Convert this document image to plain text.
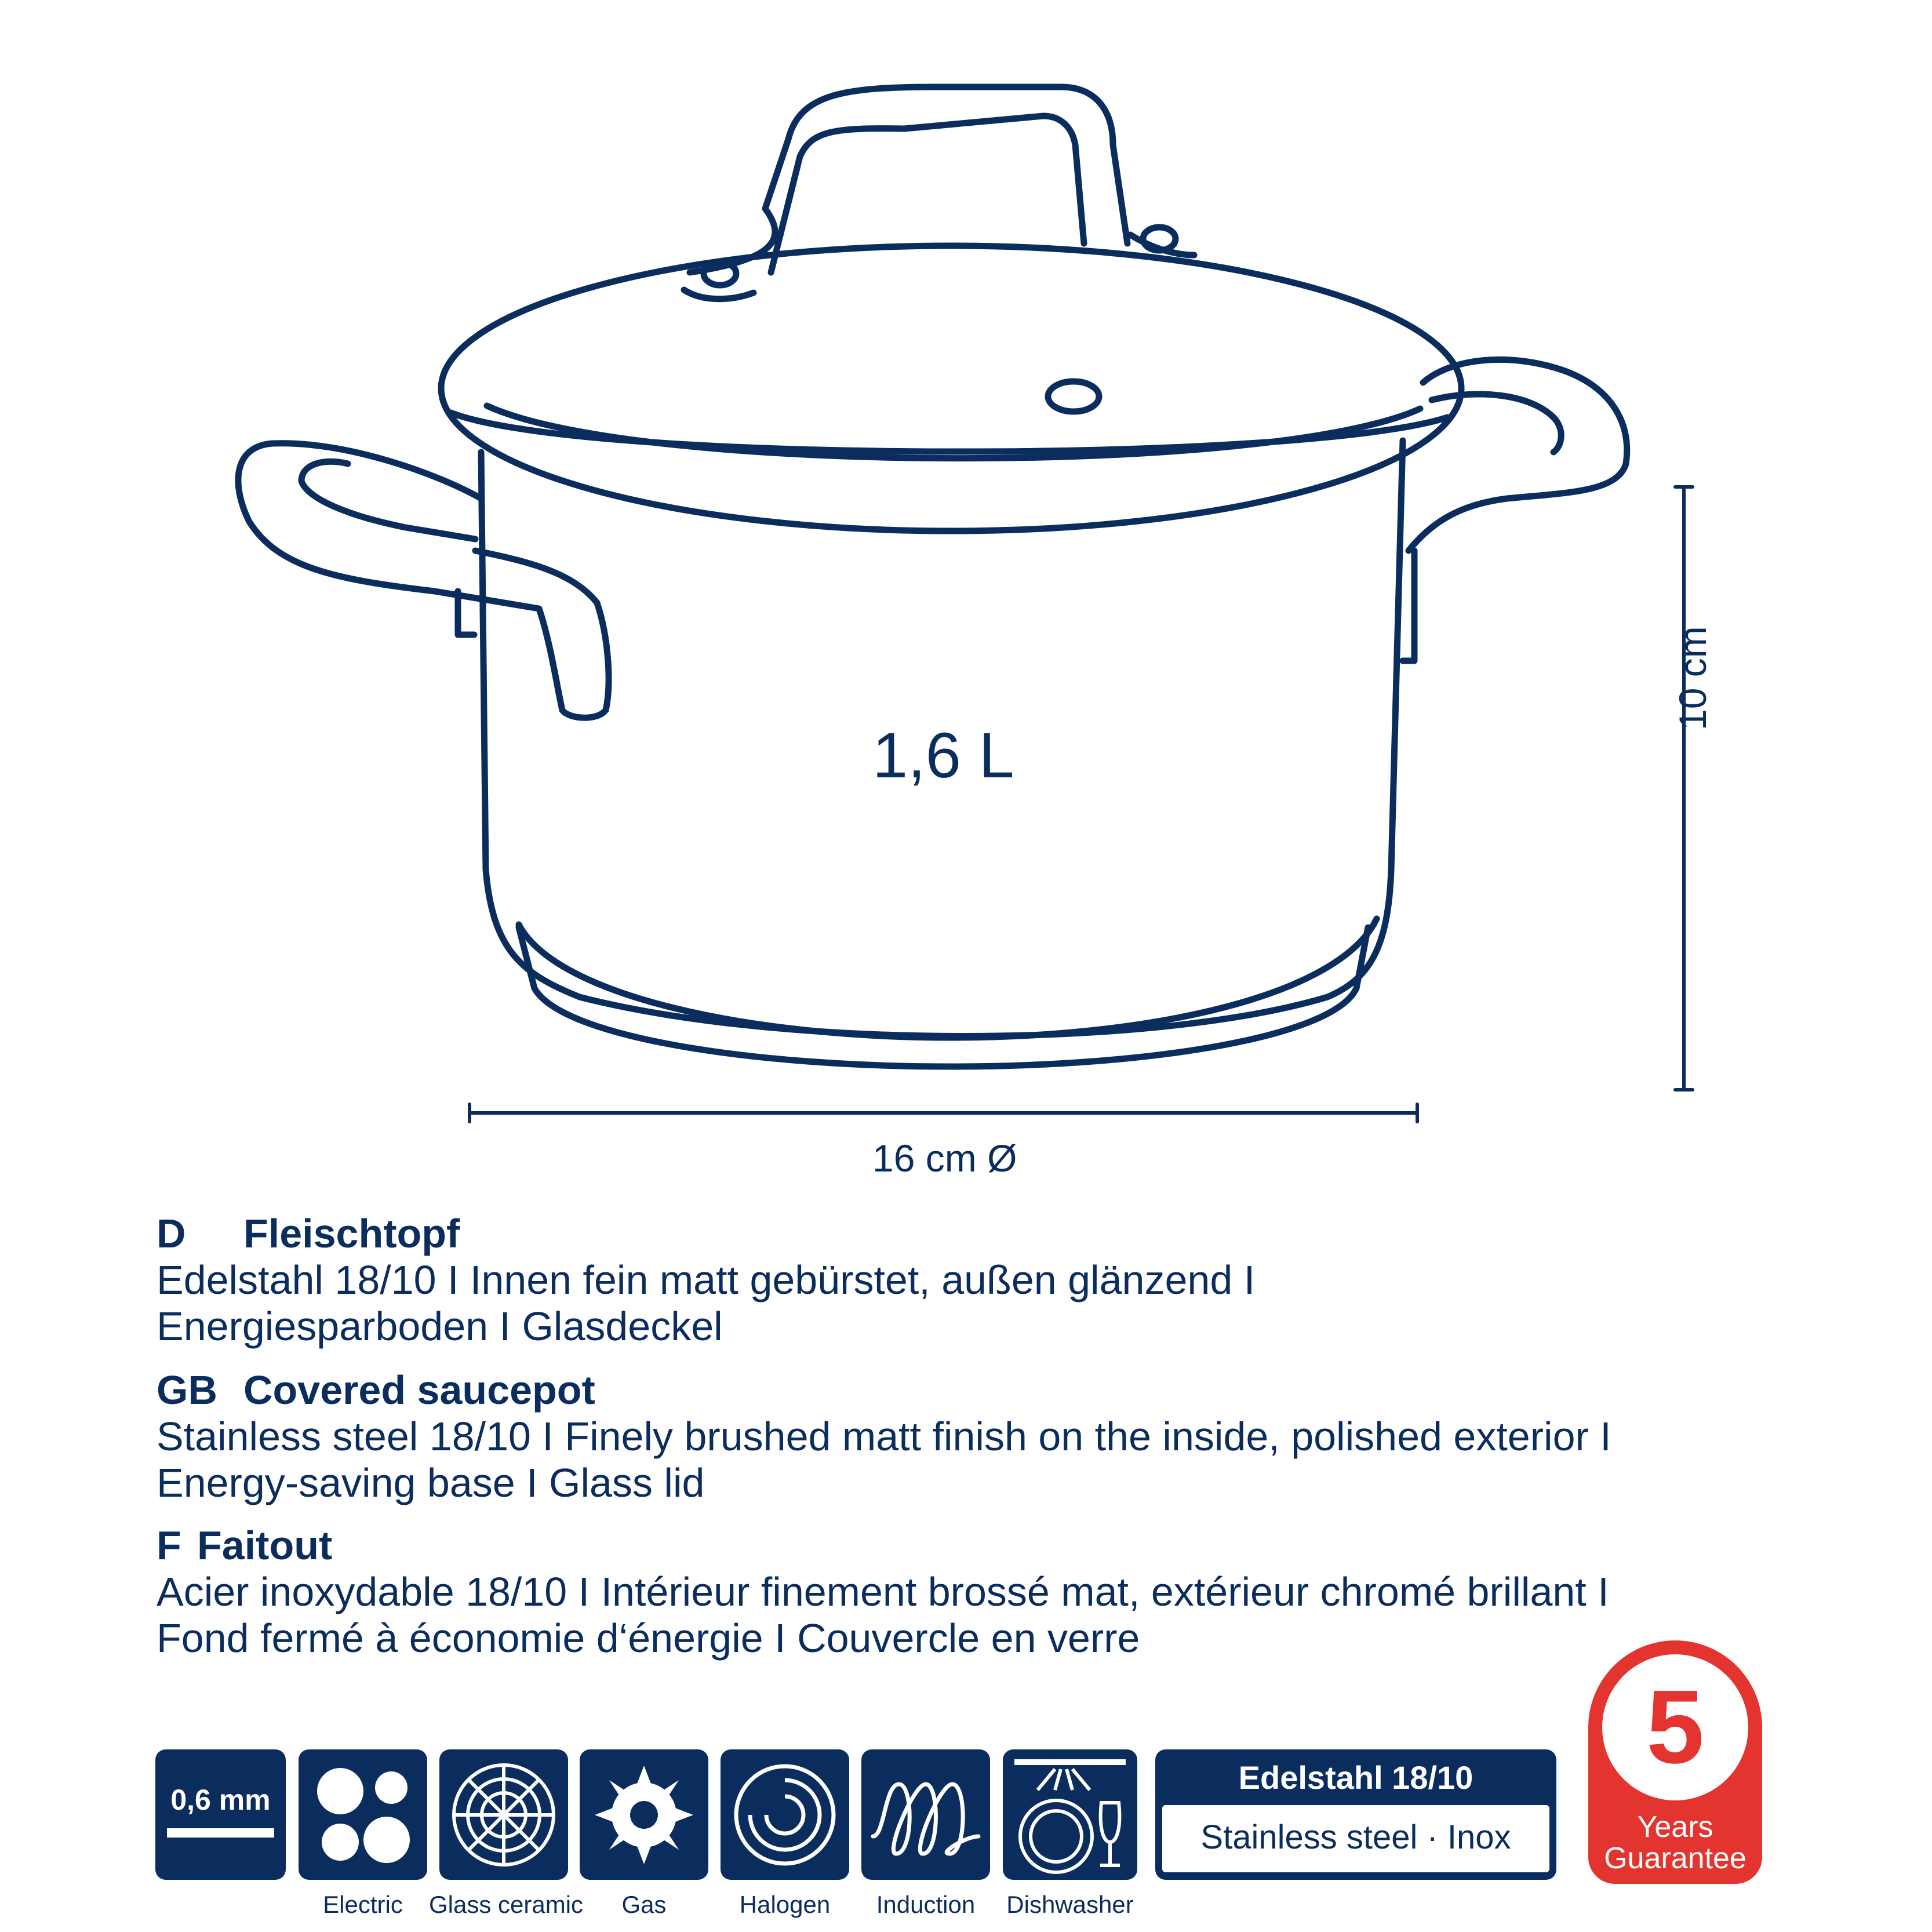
1,6 L
10 cm
16 cm Ø
D Fleischtopf
Edelstahl 18/10 I Innen fein matt gebürstet, außen glänzend I
Energiesparboden I Glasdeckel
GB Covered saucepot
Stainless steel 18/10 I Finely brushed matt finish on the inside, polished exterior I
Energy-saving base I Glass lid
F Faitout
Acier inoxydable 18/10 I Intérieur finement brossé mat, extérieur chromé brillant I
Fond fermé à économie d‘énergie I Couvercle en verre
0,6 mm
Electric	Glass ceramic	Gas	Halogen	Induction	Dishwasher
Edelstahl 18/10
Stainless steel · Inox
5
Years
Guarantee
